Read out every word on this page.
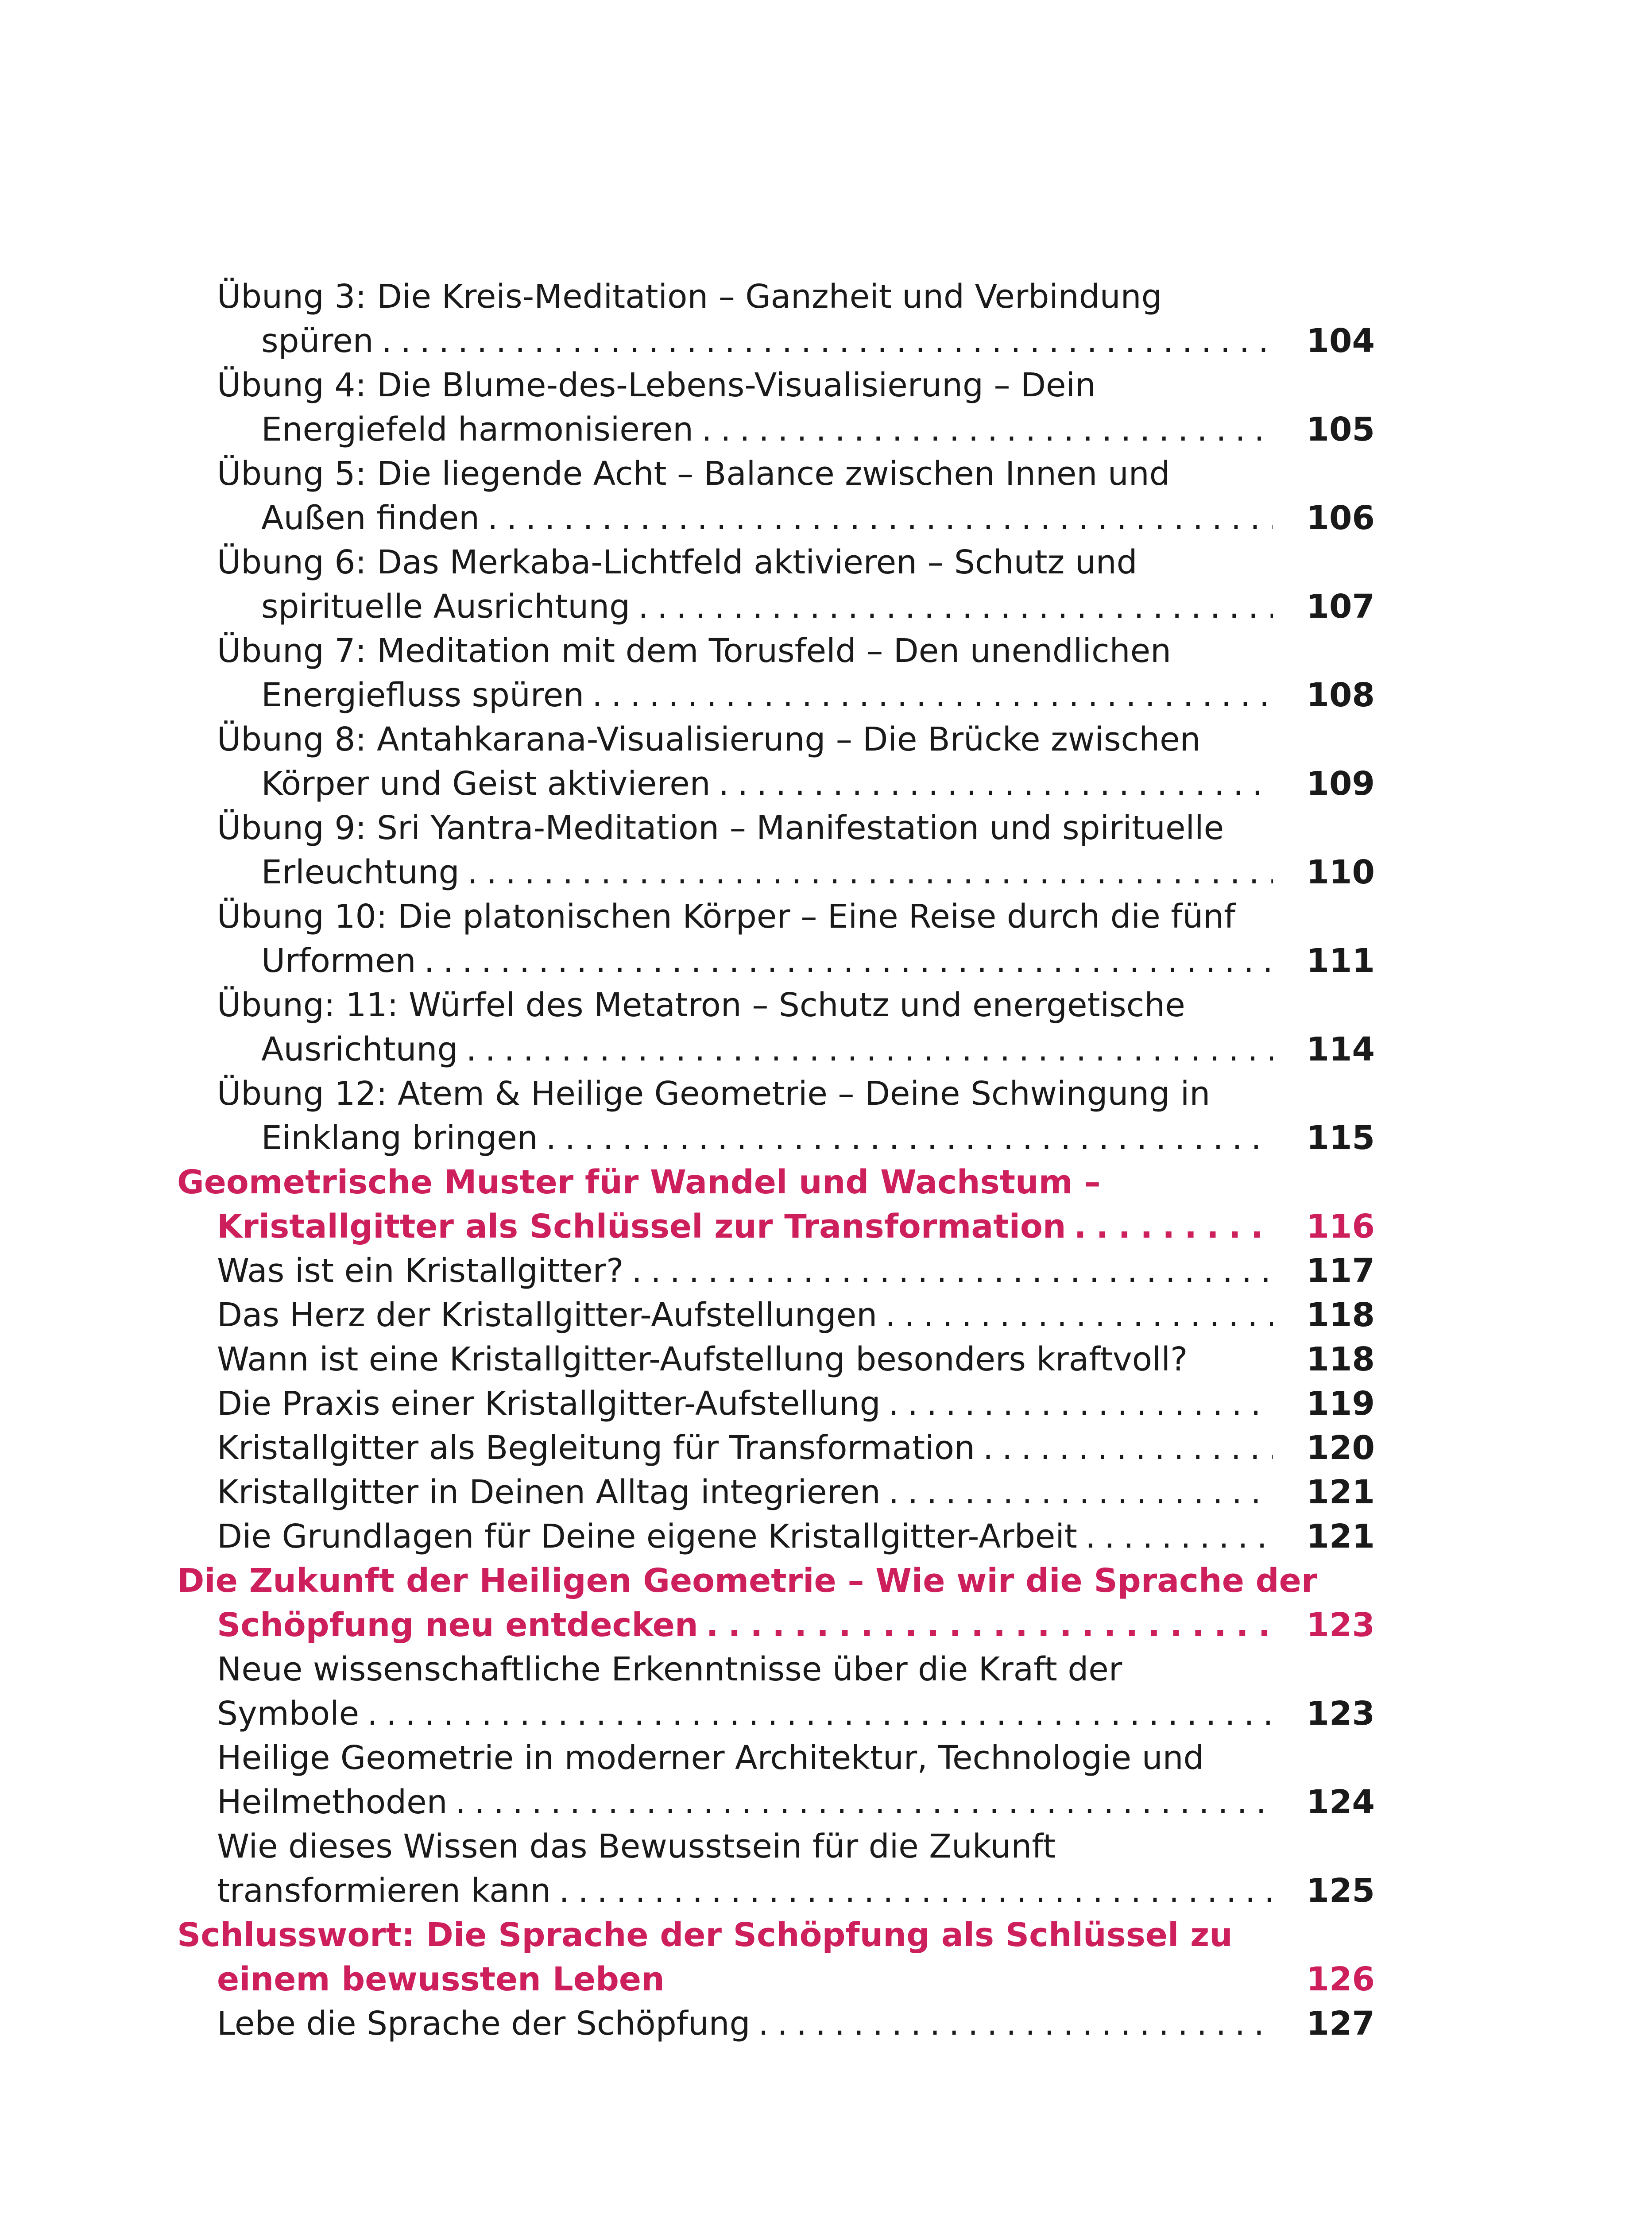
Übung 3: Die Kreis-Meditation – Ganzheit und Verbindung
spüren	104
. . .
Übung 4: Die Blume-des-Lebens-Visualisierung – Dein
Energiefeld harmonisieren	105
. . .
Übung 5: Die liegende Acht – Balance zwischen Innen und
Außen finden	106
. . .
Übung 6: Das Merkaba-Lichtfeld aktivieren – Schutz und
spirituelle Ausrichtung	107
. . .
Übung 7: Meditation mit dem Torusfeld – Den unendlichen
Energiefluss spüren	108
. . .
Übung 8: Antahkarana-Visualisierung – Die Brücke zwischen
Körper und Geist aktivieren	109
. . .
Übung 9: Sri Yantra-Meditation – Manifestation und spirituelle
Erleuchtung	110
. . .
Übung 10: Die platonischen Körper – Eine Reise durch die fünf
Urformen	111
. . .
Übung: 11: Würfel des Metatron – Schutz und energetische
Ausrichtung	114
. . .
Übung 12: Atem & Heilige Geometrie – Deine Schwingung in
Einklang bringen	115
. . .
Geometrische Muster für Wandel und Wachstum –
Kristallgitter als Schlüssel zur Transformation	116
. . .
Was ist ein Kristallgitter?	117
. . .
Das Herz der Kristallgitter-Aufstellungen	118
. . .
Wann ist eine Kristallgitter-Aufstellung besonders kraftvoll?	118
Die Praxis einer Kristallgitter-Aufstellung	119
. . .
Kristallgitter als Begleitung für Transformation	120
. . .
Kristallgitter in Deinen Alltag integrieren	121
. . .
Die Grundlagen für Deine eigene Kristallgitter-Arbeit	121
. . .
Die Zukunft der Heiligen Geometrie – Wie wir die Sprache der
Schöpfung neu entdecken	123
. . .
Neue wissenschaftliche Erkenntnisse über die Kraft der
Symbole	123
. . .
Heilige Geometrie in moderner Architektur, Technologie und
Heilmethoden	124
. . .
Wie dieses Wissen das Bewusstsein für die Zukunft
transformieren kann	125
. . .
Schlusswort: Die Sprache der Schöpfung als Schlüssel zu
einem bewussten Leben	126
Lebe die Sprache der Schöpfung	127
. . .
